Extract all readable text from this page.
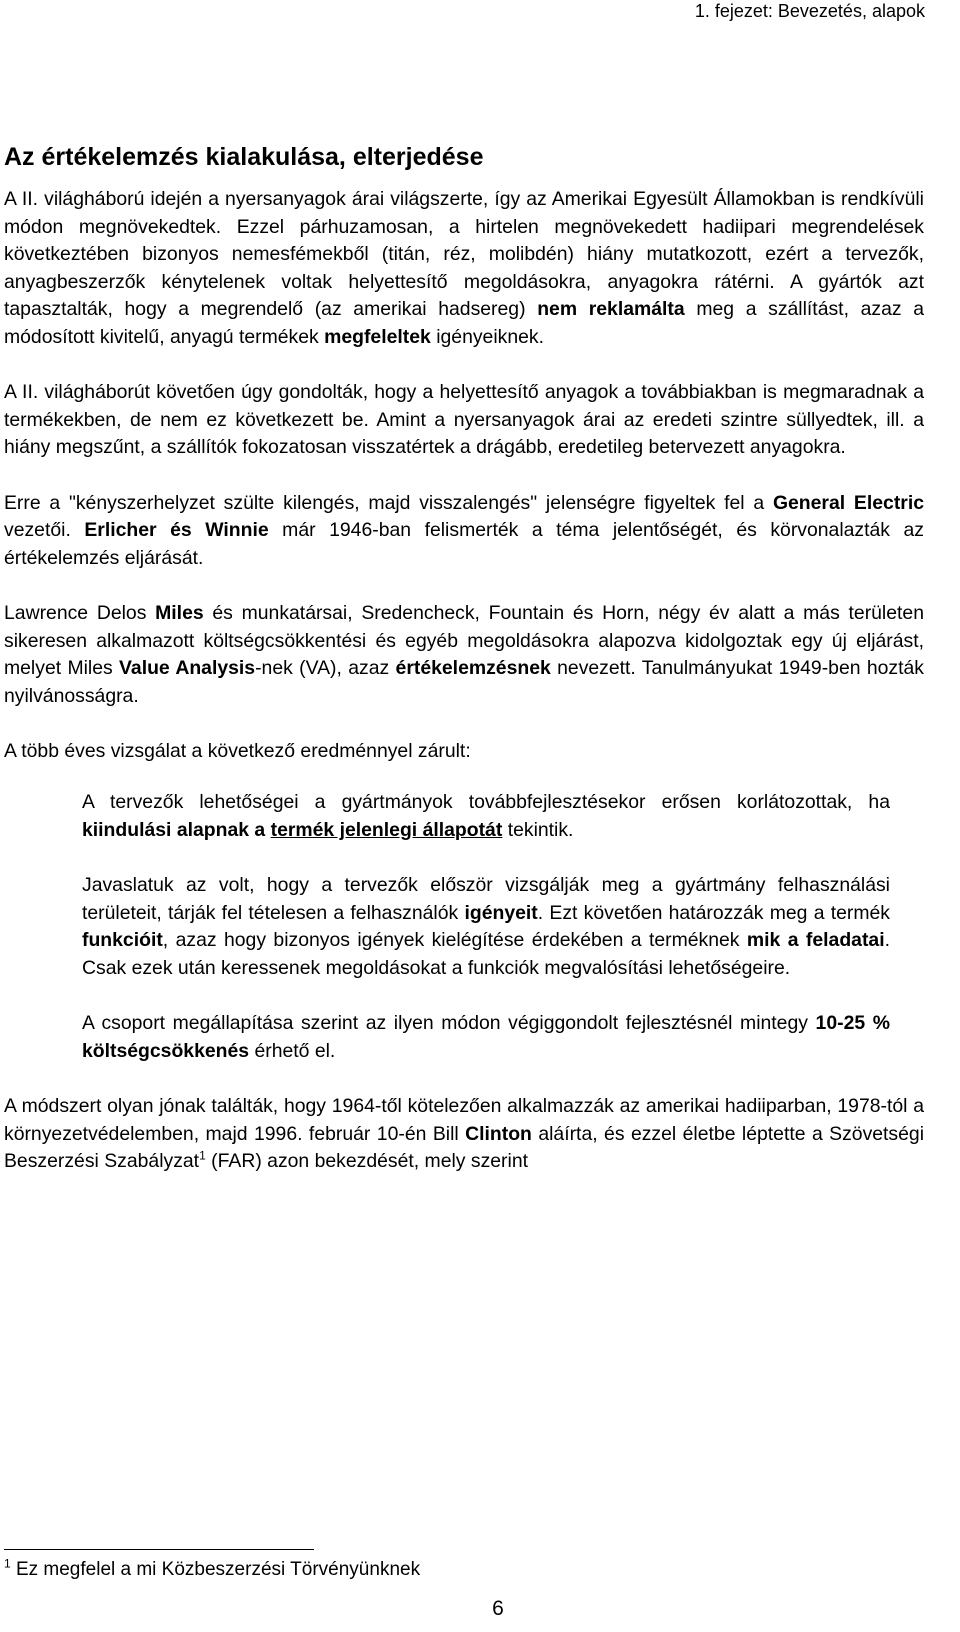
1. fejezet: Bevezetés, alapok
Az értékelemzés kialakulása, elterjedése

A II. világháború idején a nyersanyagok árai világszerte, így az Amerikai Egyesült Államokban is rendkívüli módon megnövekedtek. Ezzel párhuzamosan, a hirtelen megnövekedett hadiipari megrendelések következtében bizonyos nemesfémekből (titán, réz, molibdén) hiány mutatkozott, ezért a tervezők, anyagbeszerzők kénytelenek voltak helyettesítő megoldásokra, anyagokra rátérni. A gyártók azt tapasztalták, hogy a megrendelő (az amerikai hadsereg) nem reklamálta meg a szállítást, azaz a módosított kivitelű, anyagú termékek megfeleltek igényeiknek.

A II. világháborút követően úgy gondolták, hogy a helyettesítő anyagok a továbbiakban is megmaradnak a termékekben, de nem ez következett be. Amint a nyersanyagok árai az eredeti szintre süllyedtek, ill. a hiány megszűnt, a szállítók fokozatosan visszatértek a drágább, eredetileg betervezett anyagokra.

Erre a "kényszerhelyzet szülte kilengés, majd visszalengés" jelenségre figyeltek fel a General Electric vezetői. Erlicher és Winnie már 1946-ban felismerték a téma jelentőségét, és körvonalazták az értékelemzés eljárását.

Lawrence Delos Miles és munkatársai, Sredencheck, Fountain és Horn, négy év alatt a más területen sikeresen alkalmazott költségcsökkentési és egyéb megoldásokra alapozva kidolgoztak egy új eljárást, melyet Miles Value Analysis-nek (VA), azaz értékelemzésnek nevezett. Tanulmányukat 1949-ben hozták nyilvánosságra.

A több éves vizsgálat a következő eredménnyel zárult:

A tervezők lehetőségei a gyártmányok továbbfejlesztésekor erősen korlátozottak, ha kiindulási alapnak a termék jelenlegi állapotát tekintik.

Javaslatuk az volt, hogy a tervezők először vizsgálják meg a gyártmány felhasználási területeit, tárják fel tételesen a felhasználók igényeit. Ezt követően határozzák meg a termék funkcióit, azaz hogy bizonyos igények kielégítése érdekében a terméknek mik a feladatai. Csak ezek után keressenek megoldásokat a funkciók megvalósítási lehetőségeire.

A csoport megállapítása szerint az ilyen módon végiggondolt fejlesztésnél mintegy 10-25 % költségcsökkenés érhető el.

A módszert olyan jónak találták, hogy 1964-től kötelezően alkalmazzák az amerikai hadiiparban, 1978-tól a környezetvédelemben, majd 1996. február 10-én Bill Clinton aláírta, és ezzel életbe léptette a Szövetségi Beszerzési Szabályzat$^1$ (FAR) azon bekezdését, mely szerint

$^1$ Ez megfelel a mi Közbeszerzési Törvényünknek
6
